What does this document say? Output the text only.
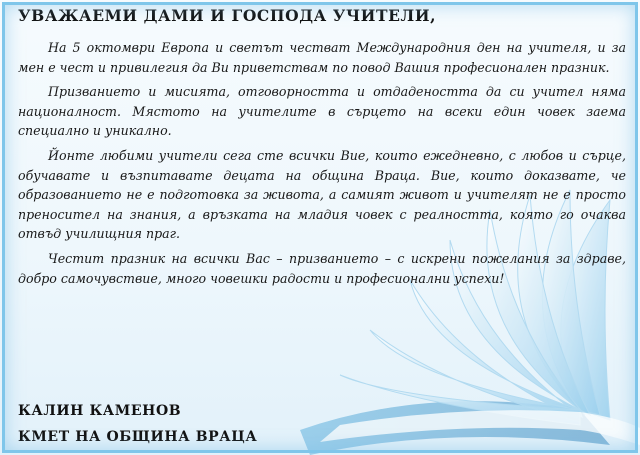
УВАЖАЕМИ ДАМИ И ГОСПОДА УЧИТЕЛИ,

На 5 октомври Европа и светът честват Международния ден на учителя, и за мен е чест и привилегия да Ви приветствам по повод Вашия професионален празник.

Призванието и мисията, отговорността и отдадеността да си учител няма националност. Мястото на учителите в сърцето на всеки един човек заема специално и уникално.

Йонте любими учители сега сте всички Вие, които ежедневно, с любов и сърце, обучавате и възпитавате децата на община Враца. Вие, които доказвате, че образованието не е подготовка за живота, а самият живот и учителят не е просто преносител на знания, а връзката на младия човек с реалността, която го очаква отвъд училищния праг.

Честит празник на всички Вас – призванието – с искрени пожелания за здраве, добро самочувствие, много човешки радости и професионални успехи!

КАЛИН КАМЕНОВ
КМЕТ НА ОБЩИНА ВРАЦА
